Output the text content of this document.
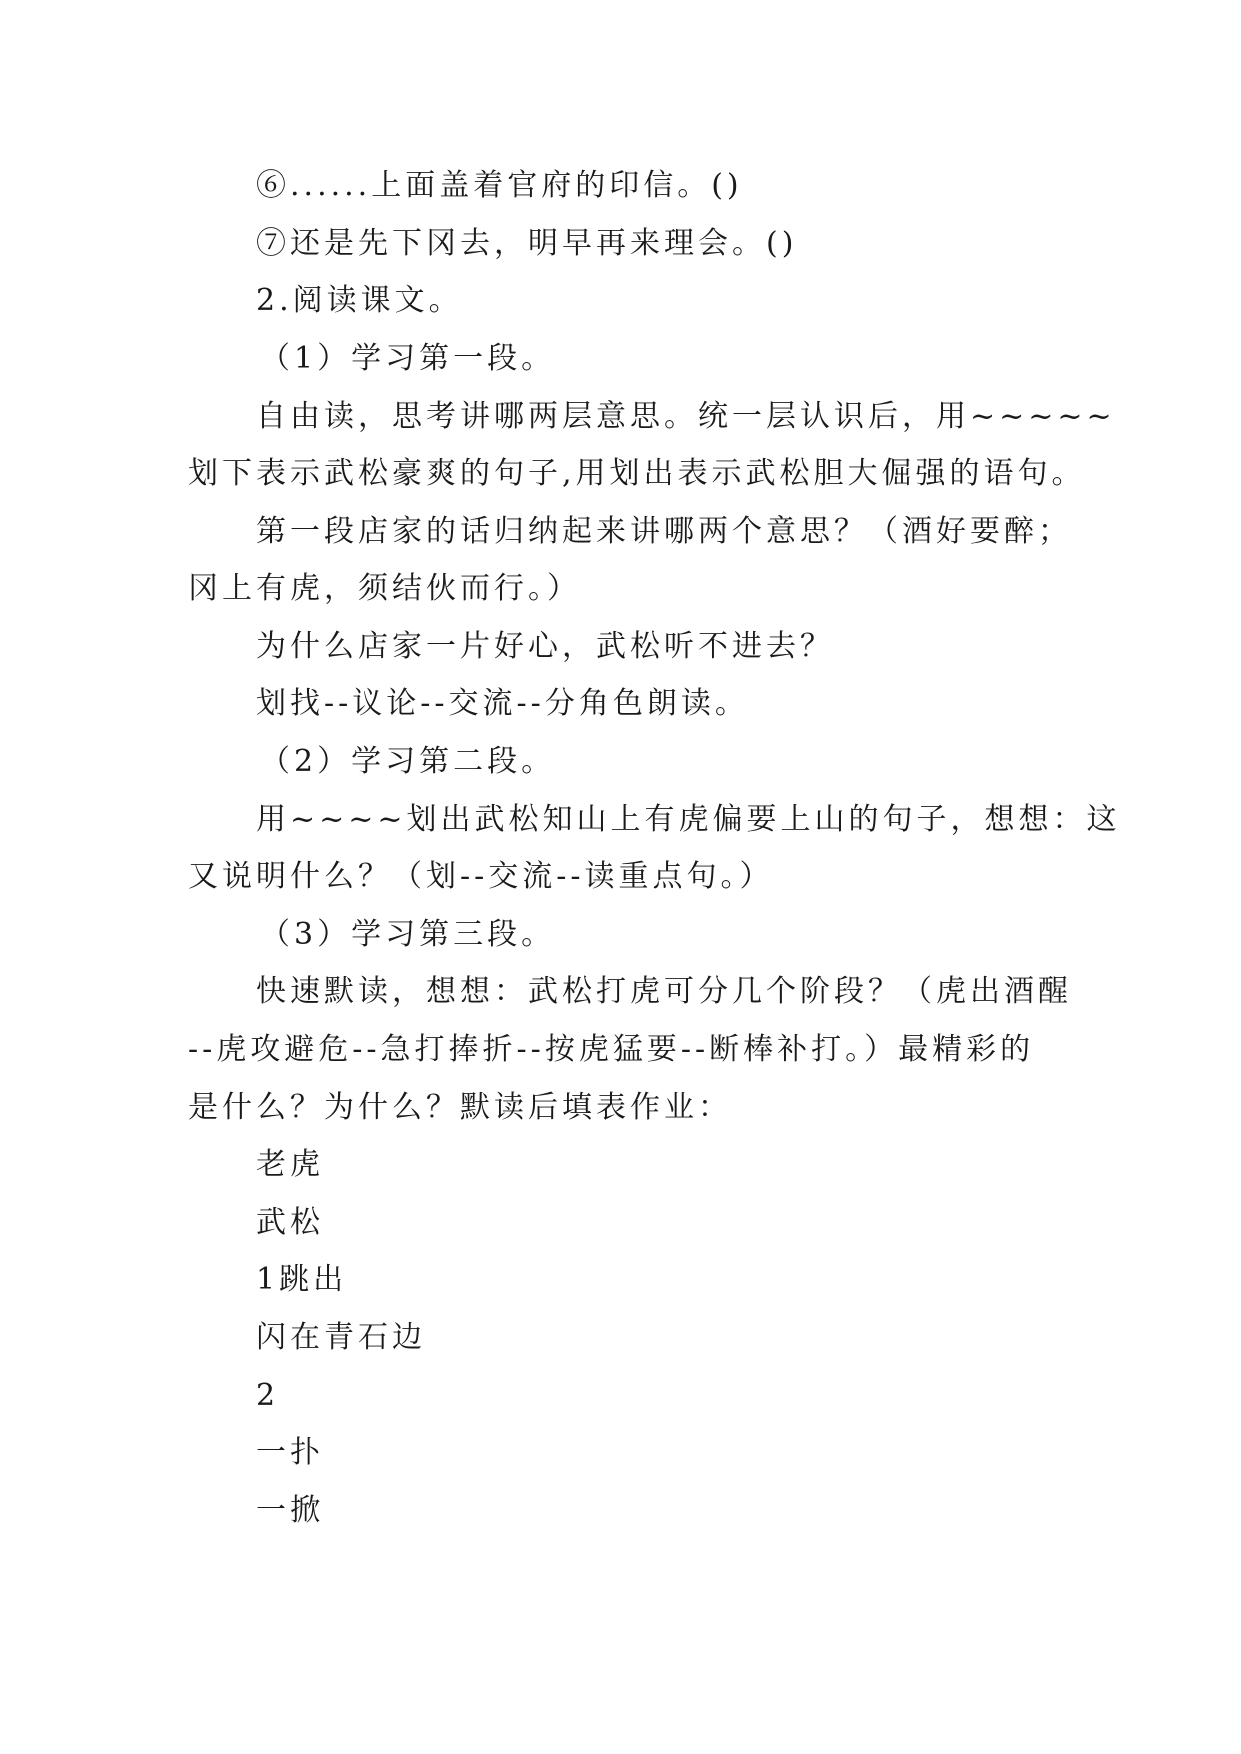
⑥......上面盖着官府的印信。()
⑦还是先下冈去，明早再来理会。()
2.阅读课文。
（1）学习第一段。
自由读，思考讲哪两层意思。统一层认识后，用~~~~~
划下表示武松豪爽的句子,用划出表示武松胆大倔强的语句。
第一段店家的话归纳起来讲哪两个意思？（酒好要醉；
冈上有虎，须结伙而行。）
为什么店家一片好心，武松听不进去？
划找--议论--交流--分角色朗读。
（2）学习第二段。
用~~~~划出武松知山上有虎偏要上山的句子，想想：这
又说明什么？（划--交流--读重点句。）
（3）学习第三段。
快速默读，想想：武松打虎可分几个阶段？（虎出酒醒
--虎攻避危--急打捧折--按虎猛要--断棒补打。）最精彩的
是什么？为什么？默读后填表作业：
老虎
武松
1跳出
闪在青石边
2
一扑
一掀
